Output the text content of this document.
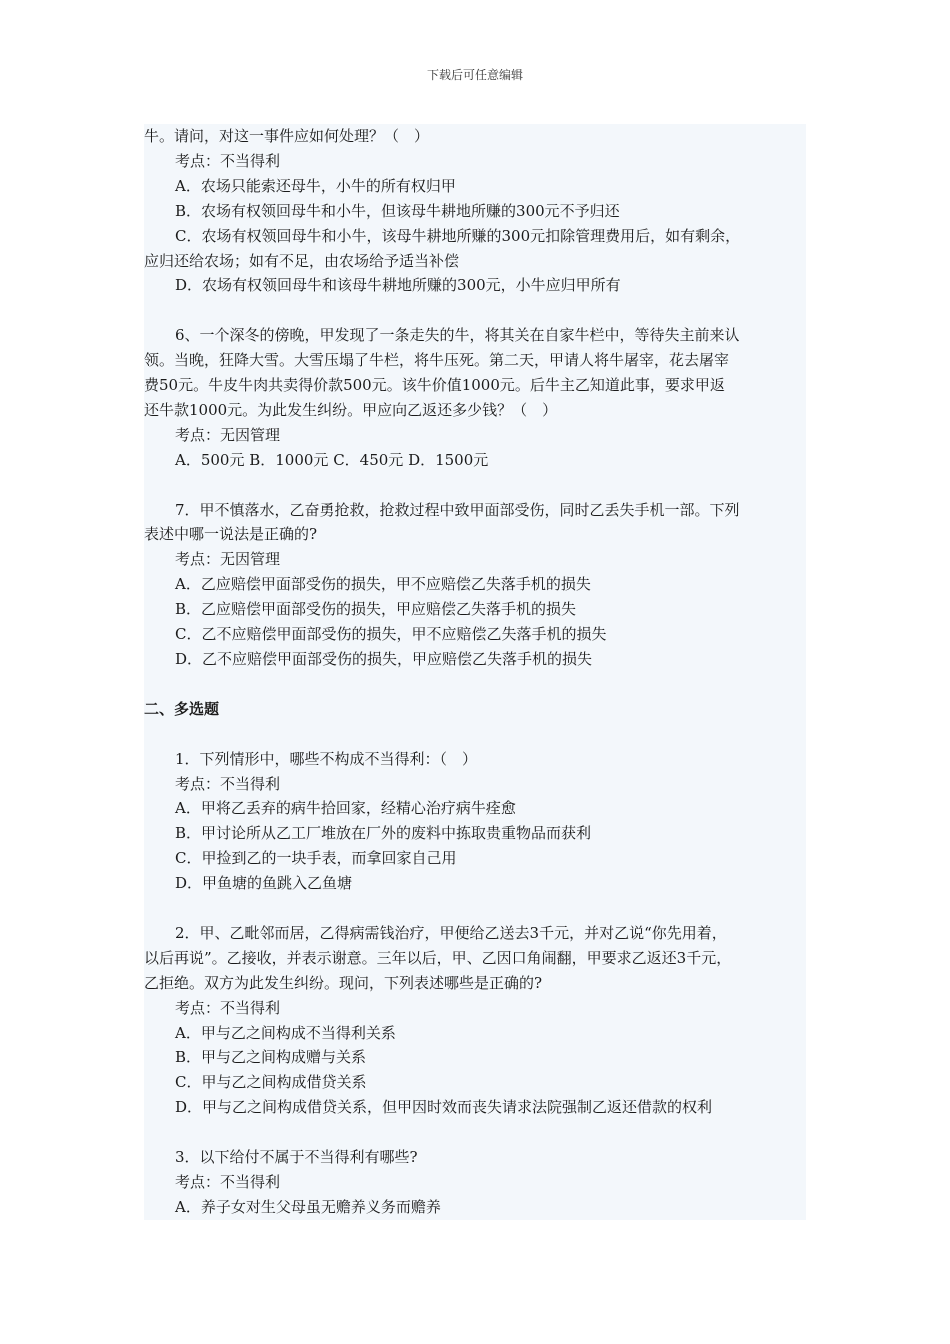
下载后可任意编辑

牛。请问，对这一事件应如何处理？（　）

考点：不当得利

A．农场只能索还母牛，小牛的所有权归甲

B．农场有权领回母牛和小牛，但该母牛耕地所赚的300元不予归还

C．农场有权领回母牛和小牛，该母牛耕地所赚的300元扣除管理费用后，如有剩余，

应归还给农场；如有不足，由农场给予适当补偿

D．农场有权领回母牛和该母牛耕地所赚的300元，小牛应归甲所有

6、一个深冬的傍晚，甲发现了一条走失的牛，将其关在自家牛栏中，等待失主前来认

领。当晚，狂降大雪。大雪压塌了牛栏，将牛压死。第二天，甲请人将牛屠宰，花去屠宰

费50元。牛皮牛肉共卖得价款500元。该牛价值1000元。后牛主乙知道此事，要求甲返

还牛款1000元。为此发生纠纷。甲应向乙返还多少钱？（　）

考点：无因管理

A．500元 B．1000元 C．450元 D．1500元

7．甲不慎落水，乙奋勇抢救，抢救过程中致甲面部受伤，同时乙丢失手机一部。下列

表述中哪一说法是正确的?

考点：无因管理

A．乙应赔偿甲面部受伤的损失，甲不应赔偿乙失落手机的损失

B．乙应赔偿甲面部受伤的损失，甲应赔偿乙失落手机的损失

C．乙不应赔偿甲面部受伤的损失，甲不应赔偿乙失落手机的损失

D．乙不应赔偿甲面部受伤的损失，甲应赔偿乙失落手机的损失

二、多选题

1．下列情形中，哪些不构成不当得利：（　）

考点：不当得利

A．甲将乙丢弃的病牛拾回家，经精心治疗病牛痊愈

B．甲讨论所从乙工厂堆放在厂外的废料中拣取贵重物品而获利

C．甲捡到乙的一块手表，而拿回家自己用

D．甲鱼塘的鱼跳入乙鱼塘

2．甲、乙毗邻而居，乙得病需钱治疗，甲便给乙送去3千元，并对乙说“你先用着，

以后再说”。乙接收，并表示谢意。三年以后，甲、乙因口角闹翻，甲要求乙返还3千元，

乙拒绝。双方为此发生纠纷。现问，下列表述哪些是正确的?

考点：不当得利

A．甲与乙之间构成不当得利关系

B．甲与乙之间构成赠与关系

C．甲与乙之间构成借贷关系

D．甲与乙之间构成借贷关系，但甲因时效而丧失请求法院强制乙返还借款的权利

3．以下给付不属于不当得利有哪些?

考点：不当得利

A．养子女对生父母虽无赡养义务而赡养
